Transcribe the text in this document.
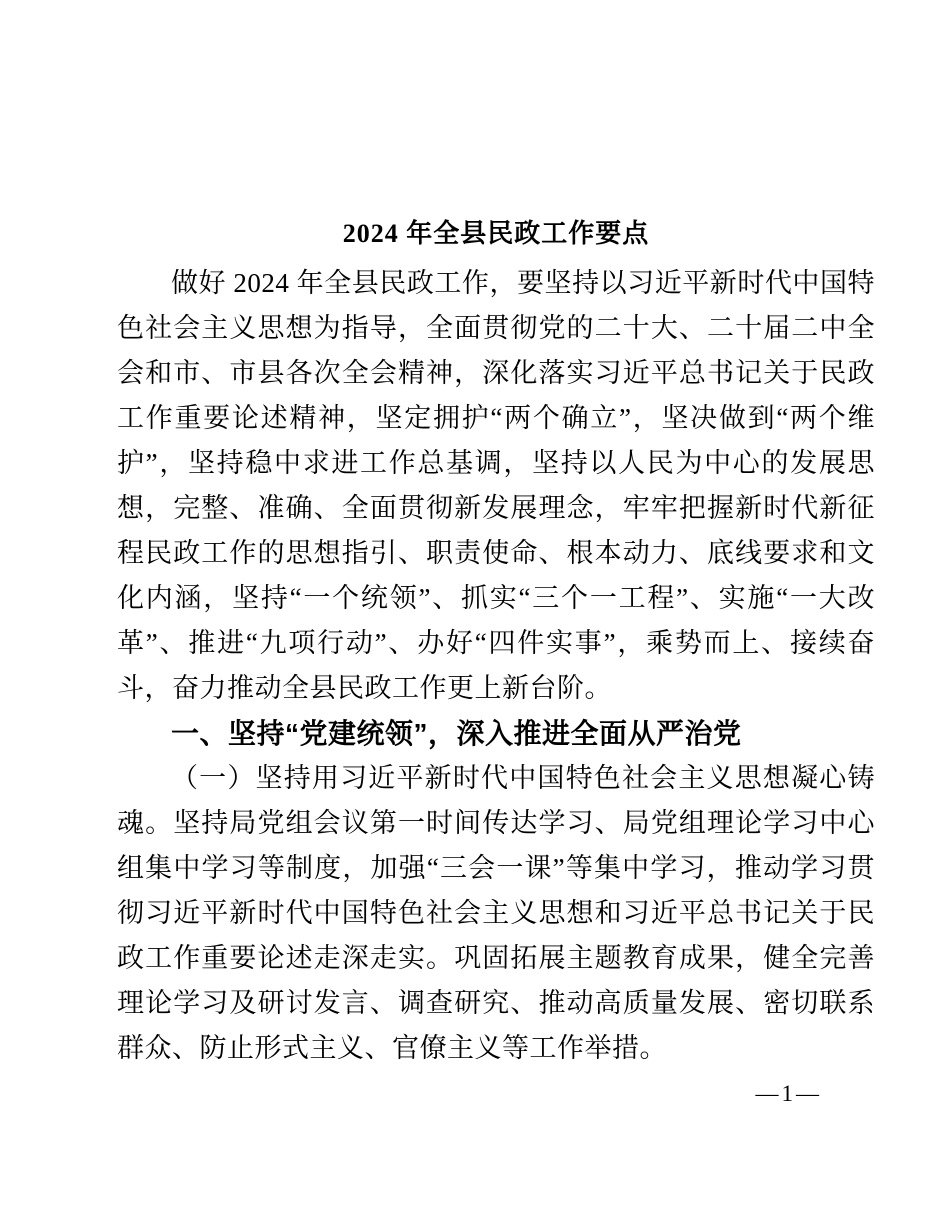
2024 年全县民政工作要点

做好 2024 年全县民政工作，要坚持以习近平新时代中国特色社会主义思想为指导，全面贯彻党的二十大、二十届二中全会和市、市县各次全会精神，深化落实习近平总书记关于民政工作重要论述精神，坚定拥护“两个确立”，坚决做到“两个维护”，坚持稳中求进工作总基调，坚持以人民为中心的发展思想，完整、准确、全面贯彻新发展理念，牢牢把握新时代新征程民政工作的思想指引、职责使命、根本动力、底线要求和文化内涵，坚持“一个统领”、抓实“三个一工程”、实施“一大改革”、推进“九项行动”、办好“四件实事”，乘势而上、接续奋斗，奋力推动全县民政工作更上新台阶。

一、坚持“党建统领”，深入推进全面从严治党

（一）坚持用习近平新时代中国特色社会主义思想凝心铸魂。坚持局党组会议第一时间传达学习、局党组理论学习中心组集中学习等制度，加强“三会一课”等集中学习，推动学习贯彻习近平新时代中国特色社会主义思想和习近平总书记关于民政工作重要论述走深走实。巩固拓展主题教育成果，健全完善理论学习及研讨发言、调查研究、推动高质量发展、密切联系群众、防止形式主义、官僚主义等工作举措。

—1—
